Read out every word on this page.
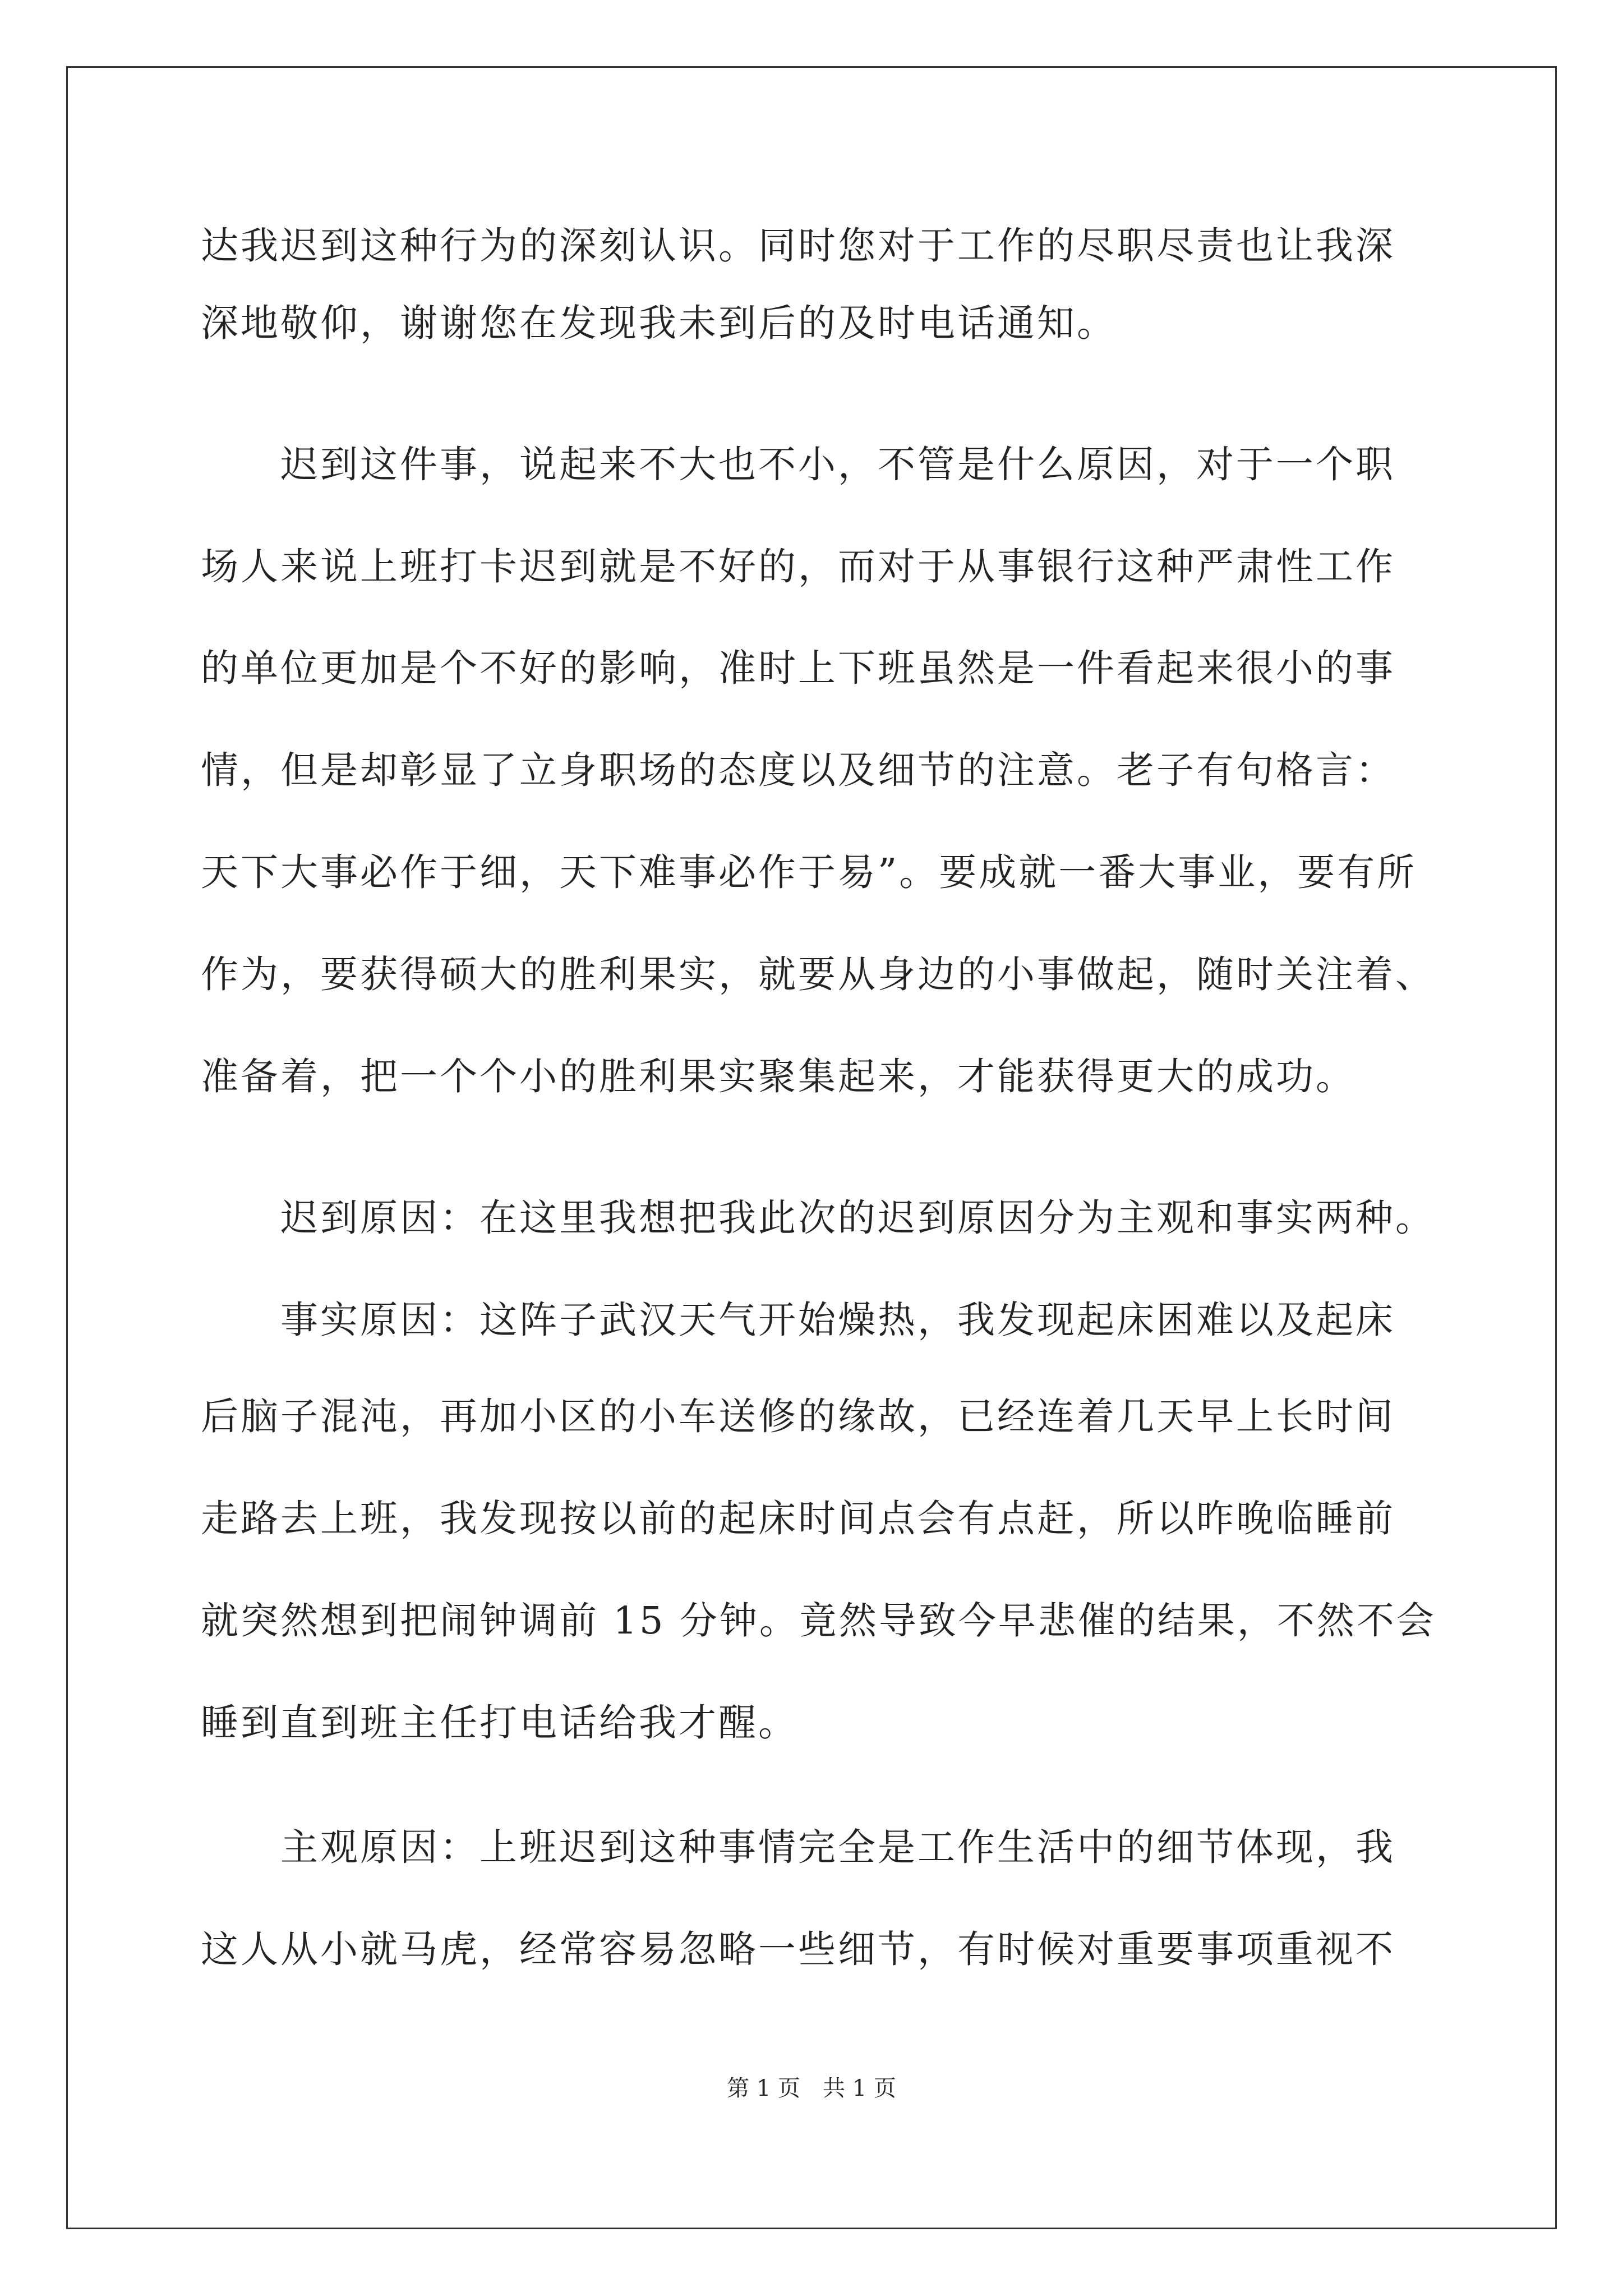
达我迟到这种行为的深刻认识。同时您对于工作的尽职尽责也让我深
深地敬仰，谢谢您在发现我未到后的及时电话通知。
　　迟到这件事，说起来不大也不小，不管是什么原因，对于一个职
场人来说上班打卡迟到就是不好的，而对于从事银行这种严肃性工作
的单位更加是个不好的影响，准时上下班虽然是一件看起来很小的事
情，但是却彰显了立身职场的态度以及细节的注意。老子有句格言：
天下大事必作于细，天下难事必作于易”。要成就一番大事业，要有所
作为，要获得硕大的胜利果实，就要从身边的小事做起，随时关注着、
准备着，把一个个小的胜利果实聚集起来，才能获得更大的成功。
　　迟到原因：在这里我想把我此次的迟到原因分为主观和事实两种。
　　事实原因：这阵子武汉天气开始燥热，我发现起床困难以及起床
后脑子混沌，再加小区的小车送修的缘故，已经连着几天早上长时间
走路去上班，我发现按以前的起床时间点会有点赶，所以昨晚临睡前
就突然想到把闹钟调前 15 分钟。竟然导致今早悲催的结果，不然不会
睡到直到班主任打电话给我才醒。
　　主观原因：上班迟到这种事情完全是工作生活中的细节体现，我
这人从小就马虎，经常容易忽略一些细节，有时候对重要事项重视不
第 1 页　共 1 页
